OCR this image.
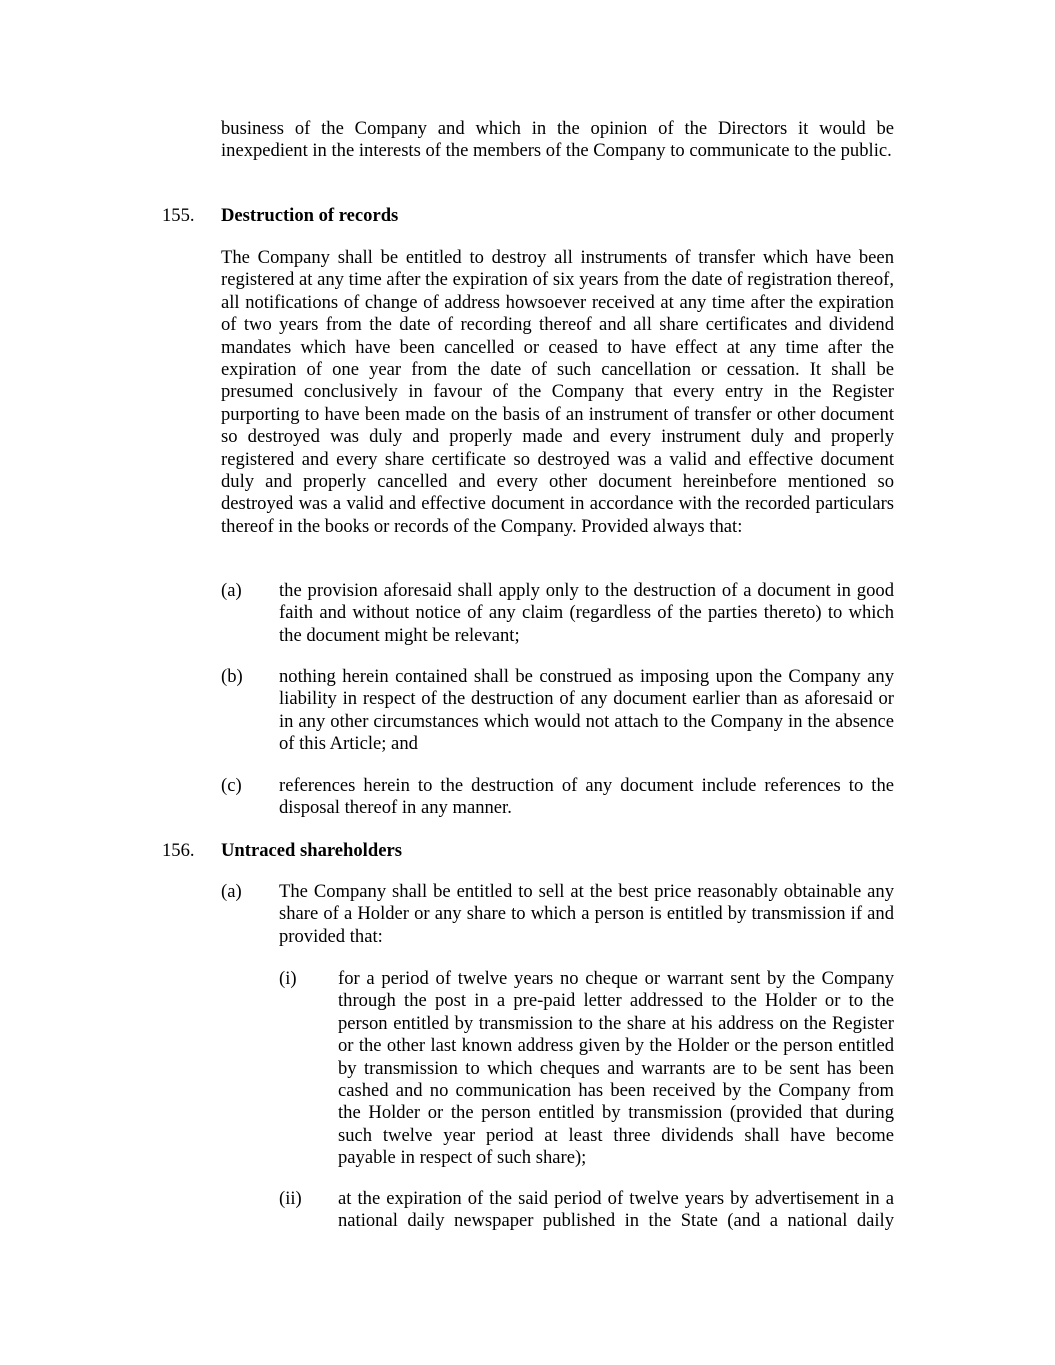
business of the Company and which in the opinion of the Directors it would be inexpedient in the interests of the members of the Company to communicate to the public.

155. Destruction of records

The Company shall be entitled to destroy all instruments of transfer which have been registered at any time after the expiration of six years from the date of registration thereof, all notifications of change of address howsoever received at any time after the expiration of two years from the date of recording thereof and all share certificates and dividend mandates which have been cancelled or ceased to have effect at any time after the expiration of one year from the date of such cancellation or cessation. It shall be presumed conclusively in favour of the Company that every entry in the Register purporting to have been made on the basis of an instrument of transfer or other document so destroyed was duly and properly made and every instrument duly and properly registered and every share certificate so destroyed was a valid and effective document duly and properly cancelled and every other document hereinbefore mentioned so destroyed was a valid and effective document in accordance with the recorded particulars thereof in the books or records of the Company. Provided always that:

(a) the provision aforesaid shall apply only to the destruction of a document in good faith and without notice of any claim (regardless of the parties thereto) to which the document might be relevant;

(b) nothing herein contained shall be construed as imposing upon the Company any liability in respect of the destruction of any document earlier than as aforesaid or in any other circumstances which would not attach to the Company in the absence of this Article; and

(c) references herein to the destruction of any document include references to the disposal thereof in any manner.

156. Untraced shareholders
(a) The Company shall be entitled to sell at the best price reasonably obtainable any share of a Holder or any share to which a person is entitled by transmission if and provided that:

(i) for a period of twelve years no cheque or warrant sent by the Company through the post in a pre-paid letter addressed to the Holder or to the person entitled by transmission to the share at his address on the Register or the other last known address given by the Holder or the person entitled by transmission to which cheques and warrants are to be sent has been cashed and no communication has been received by the Company from the Holder or the person entitled by transmission (provided that during such twelve year period at least three dividends shall have become payable in respect of such share);

(ii) at the expiration of the said period of twelve years by advertisement in a national daily newspaper published in the State (and a national daily
